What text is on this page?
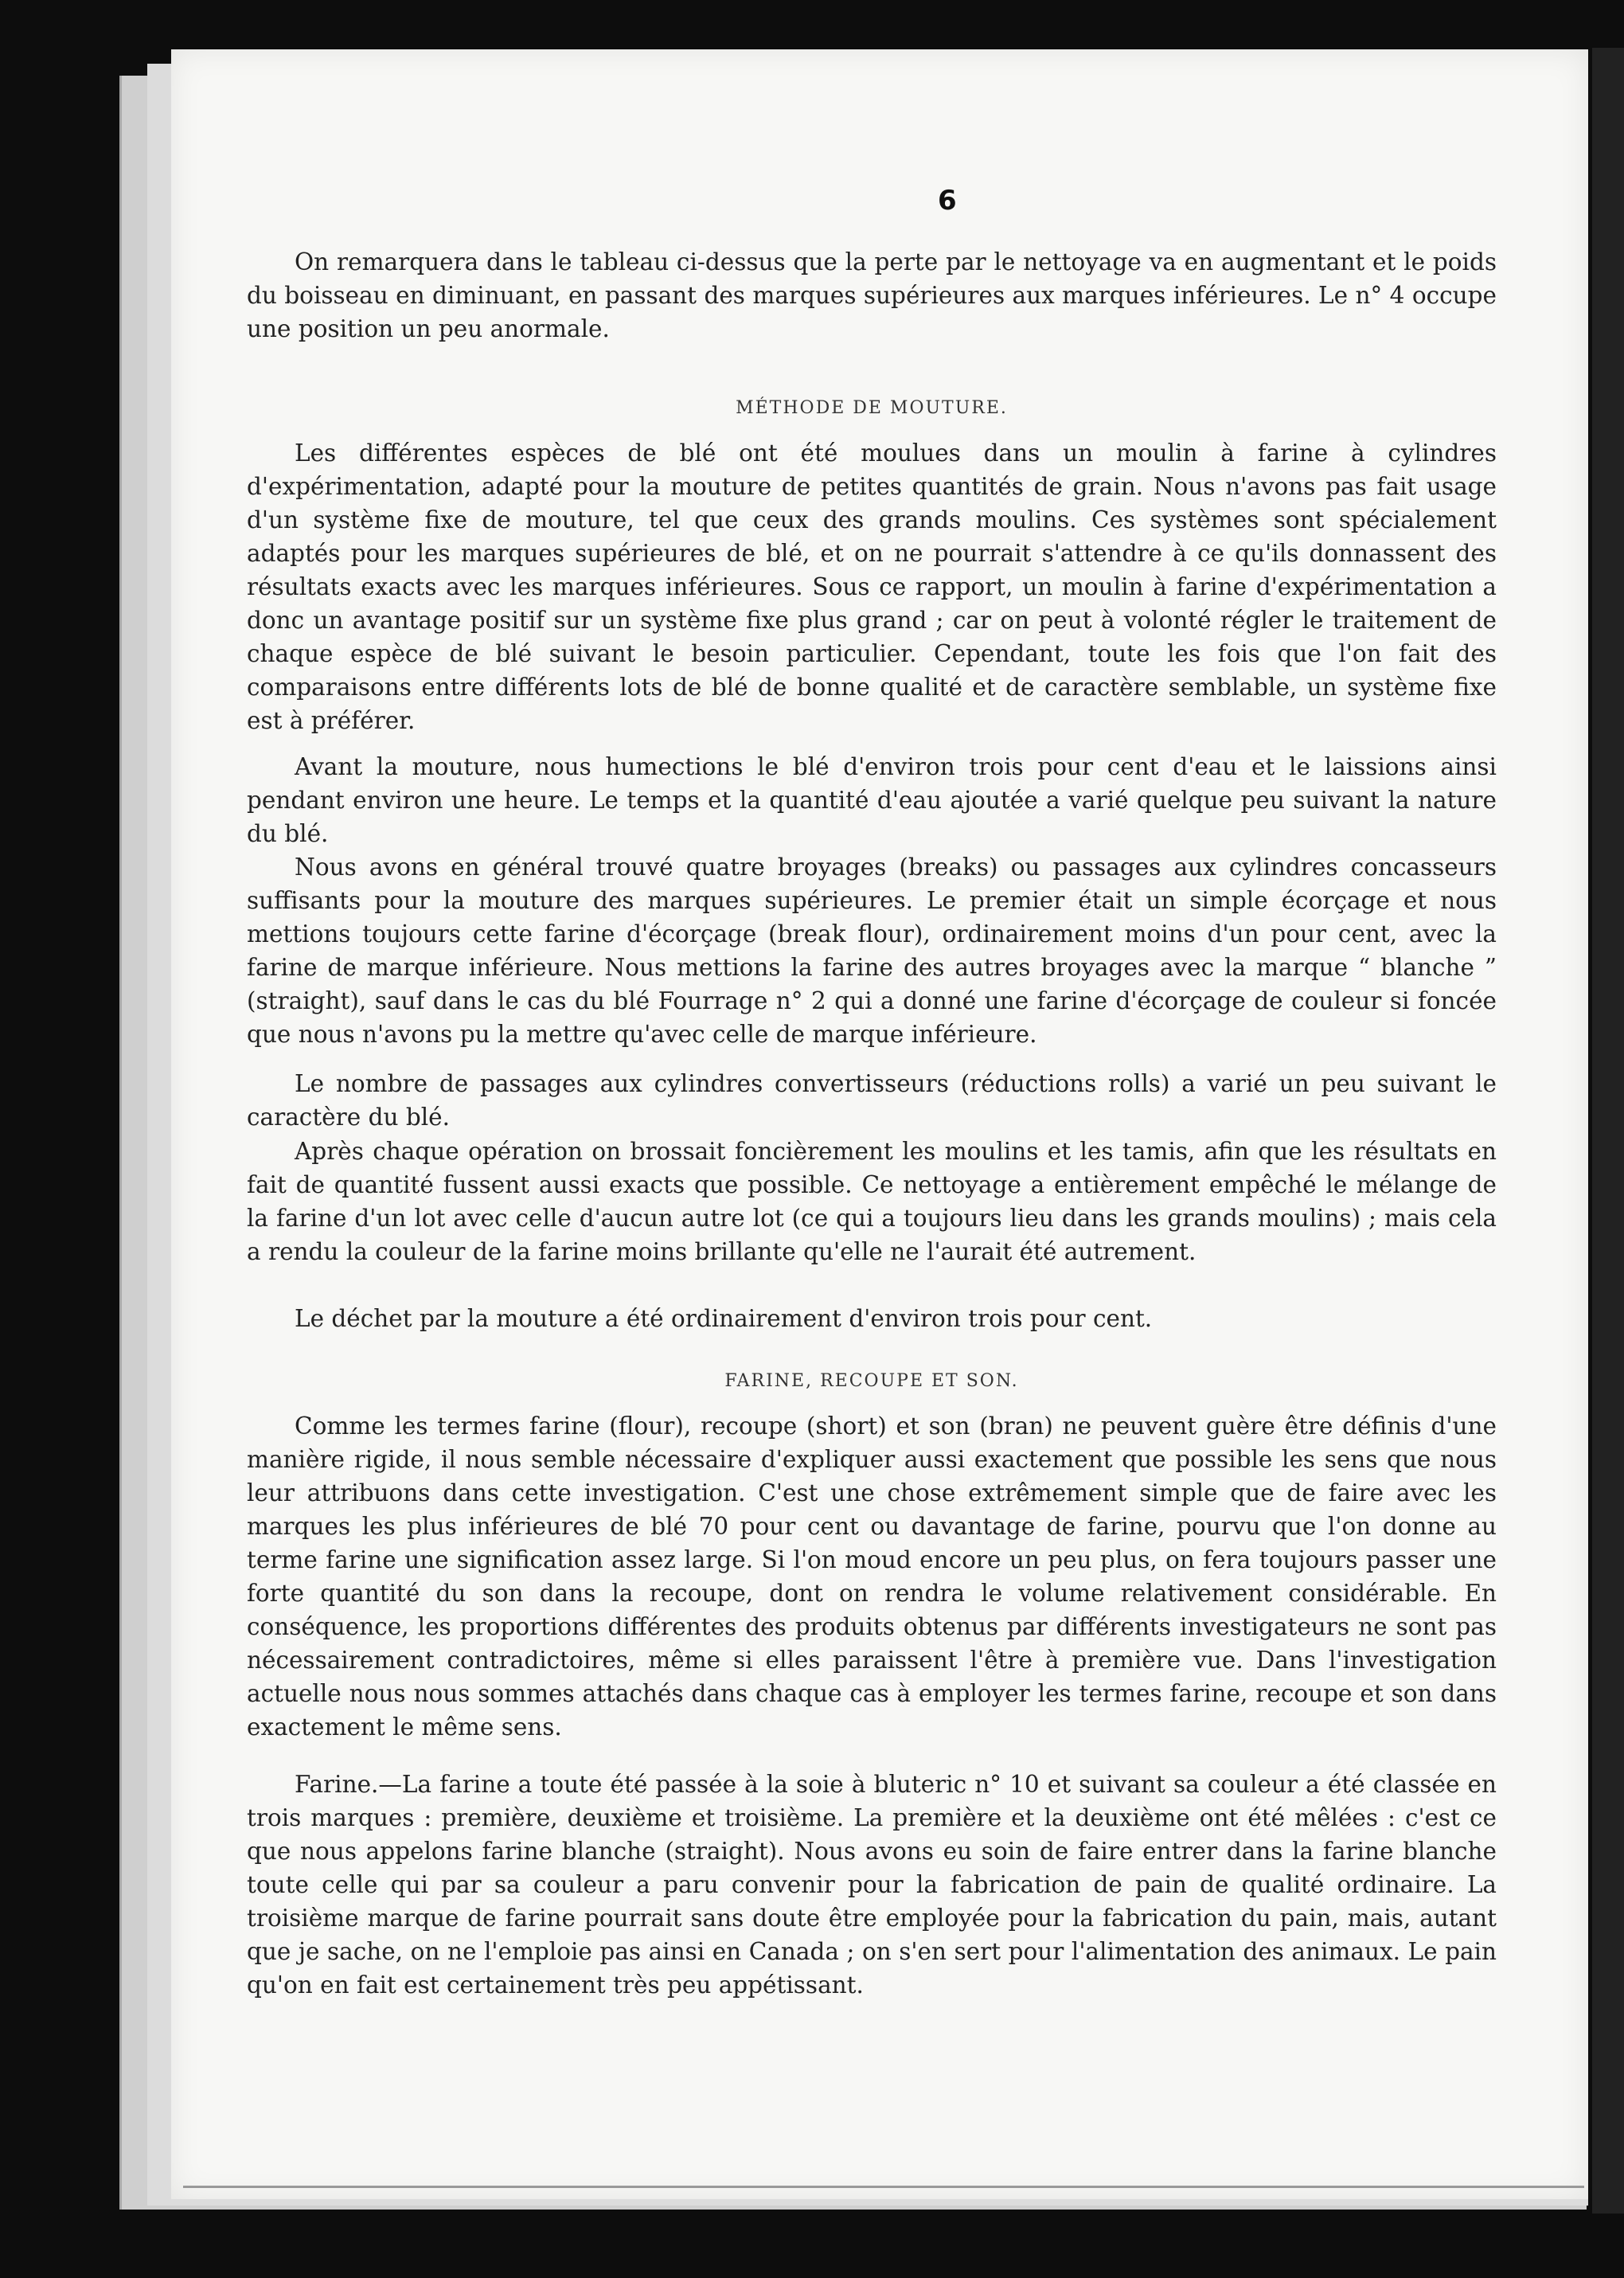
6

On remarquera dans le tableau ci-dessus que la perte par le nettoyage va en augmentant et le poids du boisseau en diminuant, en passant des marques supérieures aux marques inférieures. Le n° 4 occupe une position un peu anormale.

MÉTHODE DE MOUTURE.

Les différentes espèces de blé ont été moulues dans un moulin à farine à cylindres d'expérimentation, adapté pour la mouture de petites quantités de grain. Nous n'avons pas fait usage d'un système fixe de mouture, tel que ceux des grands moulins. Ces systèmes sont spécialement adaptés pour les marques supérieures de blé, et on ne pourrait s'attendre à ce qu'ils donnassent des résultats exacts avec les marques inférieures. Sous ce rapport, un moulin à farine d'expérimentation a donc un avantage positif sur un système fixe plus grand ; car on peut à volonté régler le traitement de chaque espèce de blé suivant le besoin particulier. Cependant, toute les fois que l'on fait des comparaisons entre différents lots de blé de bonne qualité et de caractère semblable, un système fixe est à préférer.

Avant la mouture, nous humections le blé d'environ trois pour cent d'eau et le laissions ainsi pendant environ une heure. Le temps et la quantité d'eau ajoutée a varié quelque peu suivant la nature du blé.

Nous avons en général trouvé quatre broyages (breaks) ou passages aux cylindres concasseurs suffisants pour la mouture des marques supérieures. Le premier était un simple écorçage et nous mettions toujours cette farine d'écorçage (break flour), ordinairement moins d'un pour cent, avec la farine de marque inférieure. Nous mettions la farine des autres broyages avec la marque “ blanche ” (straight), sauf dans le cas du blé Fourrage n° 2 qui a donné une farine d'écorçage de couleur si foncée que nous n'avons pu la mettre qu'avec celle de marque inférieure.

Le nombre de passages aux cylindres convertisseurs (réductions rolls) a varié un peu suivant le caractère du blé.

Après chaque opération on brossait foncièrement les moulins et les tamis, afin que les résultats en fait de quantité fussent aussi exacts que possible. Ce nettoyage a entièrement empêché le mélange de la farine d'un lot avec celle d'aucun autre lot (ce qui a toujours lieu dans les grands moulins) ; mais cela a rendu la couleur de la farine moins brillante qu'elle ne l'aurait été autrement.

Le déchet par la mouture a été ordinairement d'environ trois pour cent.

FARINE, RECOUPE ET SON.

Comme les termes farine (flour), recoupe (short) et son (bran) ne peuvent guère être définis d'une manière rigide, il nous semble nécessaire d'expliquer aussi exactement que possible les sens que nous leur attribuons dans cette investigation. C'est une chose extrêmement simple que de faire avec les marques les plus inférieures de blé 70 pour cent ou davantage de farine, pourvu que l'on donne au terme farine une signification assez large. Si l'on moud encore un peu plus, on fera toujours passer une forte quantité du son dans la recoupe, dont on rendra le volume relativement considérable. En conséquence, les proportions différentes des produits obtenus par différents investigateurs ne sont pas nécessairement contradictoires, même si elles paraissent l'être à première vue. Dans l'investigation actuelle nous nous sommes attachés dans chaque cas à employer les termes farine, recoupe et son dans exactement le même sens.

Farine.—La farine a toute été passée à la soie à bluteric n° 10 et suivant sa couleur a été classée en trois marques : première, deuxième et troisième. La première et la deuxième ont été mêlées : c'est ce que nous appelons farine blanche (straight). Nous avons eu soin de faire entrer dans la farine blanche toute celle qui par sa couleur a paru convenir pour la fabrication de pain de qualité ordinaire. La troisième marque de farine pourrait sans doute être employée pour la fabrication du pain, mais, autant que je sache, on ne l'emploie pas ainsi en Canada ; on s'en sert pour l'alimentation des animaux. Le pain qu'on en fait est certainement très peu appétissant.
